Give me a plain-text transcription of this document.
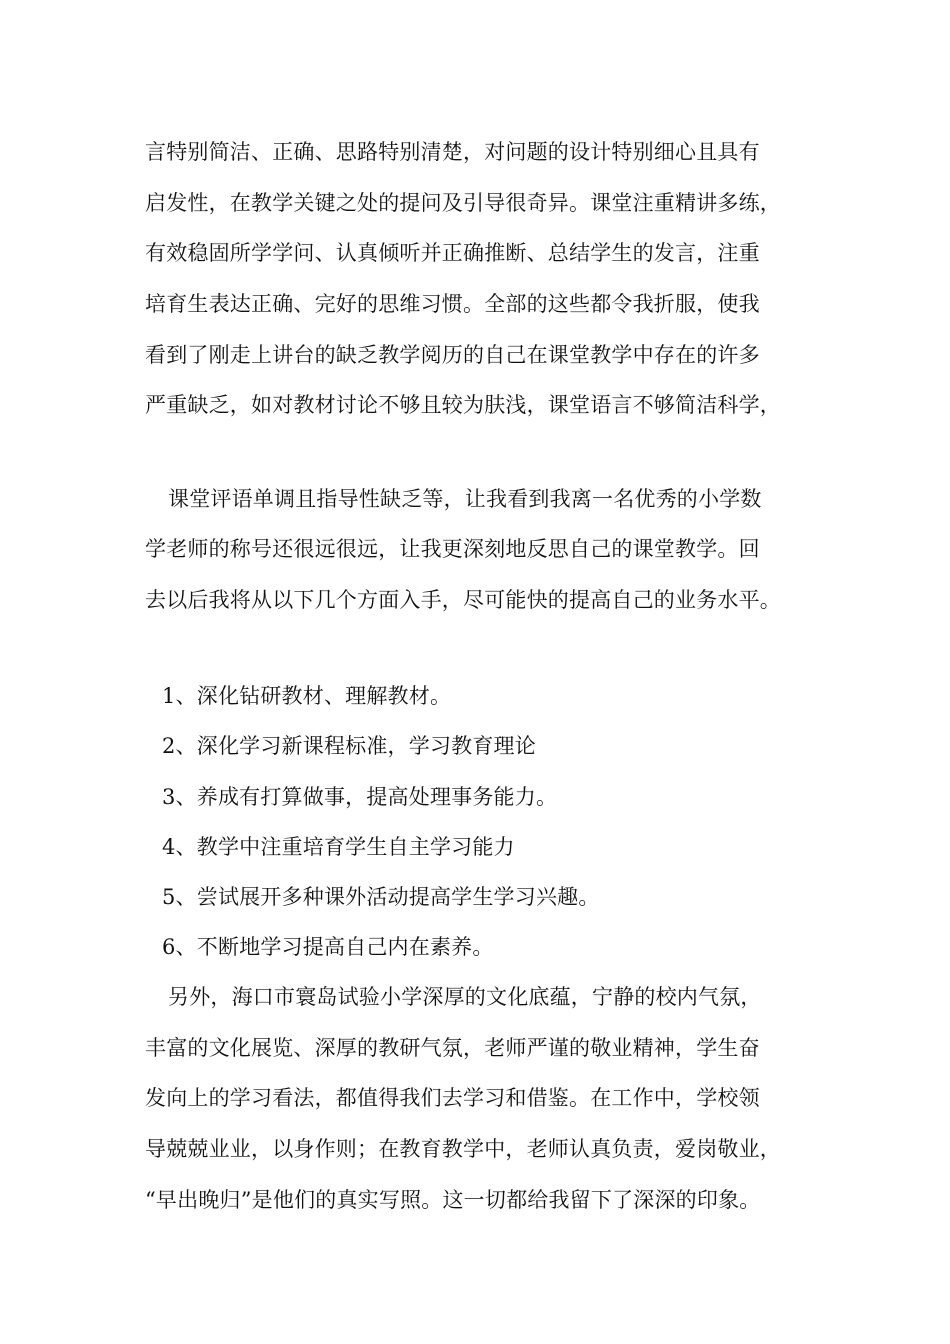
言特别简洁、正确、思路特别清楚，对问题的设计特别细心且具有
启发性，在教学关键之处的提问及引导很奇异。课堂注重精讲多练，
有效稳固所学学问、认真倾听并正确推断、总结学生的发言，注重
培育生表达正确、完好的思维习惯。全部的这些都令我折服，使我
看到了刚走上讲台的缺乏教学阅历的自己在课堂教学中存在的许多
严重缺乏，如对教材讨论不够且较为肤浅，课堂语言不够简洁科学，
课堂评语单调且指导性缺乏等，让我看到我离一名优秀的小学数
学老师的称号还很远很远，让我更深刻地反思自己的课堂教学。回
去以后我将从以下几个方面入手，尽可能快的提高自己的业务水平。
1、深化钻研教材、理解教材。
2、深化学习新课程标准，学习教育理论
3、养成有打算做事，提高处理事务能力。
4、教学中注重培育学生自主学习能力
5、尝试展开多种课外活动提高学生学习兴趣。
6、不断地学习提高自己内在素养。
另外，海口市寰岛试验小学深厚的文化底蕴，宁静的校内气氛，
丰富的文化展览、深厚的教研气氛，老师严谨的敬业精神，学生奋
发向上的学习看法，都值得我们去学习和借鉴。在工作中，学校领
导兢兢业业，以身作则；在教育教学中，老师认真负责，爱岗敬业，
“早出晚归”是他们的真实写照。这一切都给我留下了深深的印象。
